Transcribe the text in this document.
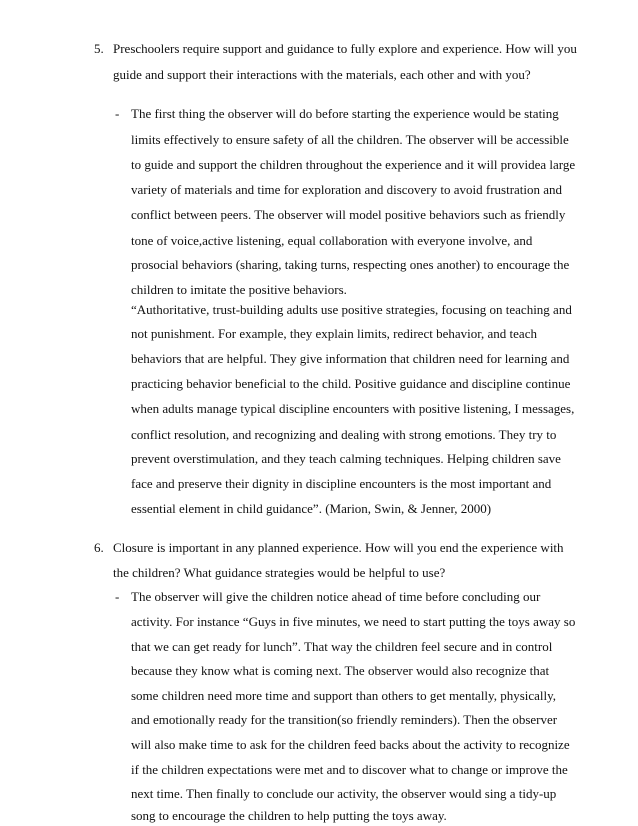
5. Preschoolers require support and guidance to fully explore and experience. How will you
guide and support their interactions with the materials, each other and with you?
- The first thing the observer will do before starting the experience would be stating
limits effectively to ensure safety of all the children. The observer will be accessible
to guide and support the children throughout the experience and it will providea large
variety of materials and time for exploration and discovery to avoid frustration and
conflict between peers. The observer will model positive behaviors such as friendly
tone of voice,active listening, equal collaboration with everyone involve, and
prosocial behaviors (sharing, taking turns, respecting ones another) to encourage the
children to imitate the positive behaviors.
“Authoritative, trust-building adults use positive strategies, focusing on teaching and
not punishment. For example, they explain limits, redirect behavior, and teach
behaviors that are helpful. They give information that children need for learning and
practicing behavior beneficial to the child. Positive guidance and discipline continue
when adults manage typical discipline encounters with positive listening, I messages,
conflict resolution, and recognizing and dealing with strong emotions. They try to
prevent overstimulation, and they teach calming techniques. Helping children save
face and preserve their dignity in discipline encounters is the most important and
essential element in child guidance”. (Marion, Swin, & Jenner, 2000)
6. Closure is important in any planned experience. How will you end the experience with
the children? What guidance strategies would be helpful to use?
- The observer will give the children notice ahead of time before concluding our
activity. For instance “Guys in five minutes, we need to start putting the toys away so
that we can get ready for lunch”. That way the children feel secure and in control
because they know what is coming next. The observer would also recognize that
some children need more time and support than others to get mentally, physically,
and emotionally ready for the transition(so friendly reminders). Then the observer
will also make time to ask for the children feed backs about the activity to recognize
if the children expectations were met and to discover what to change or improve the
next time. Then finally to conclude our activity, the observer would sing a tidy-up
song to encourage the children to help putting the toys away.
